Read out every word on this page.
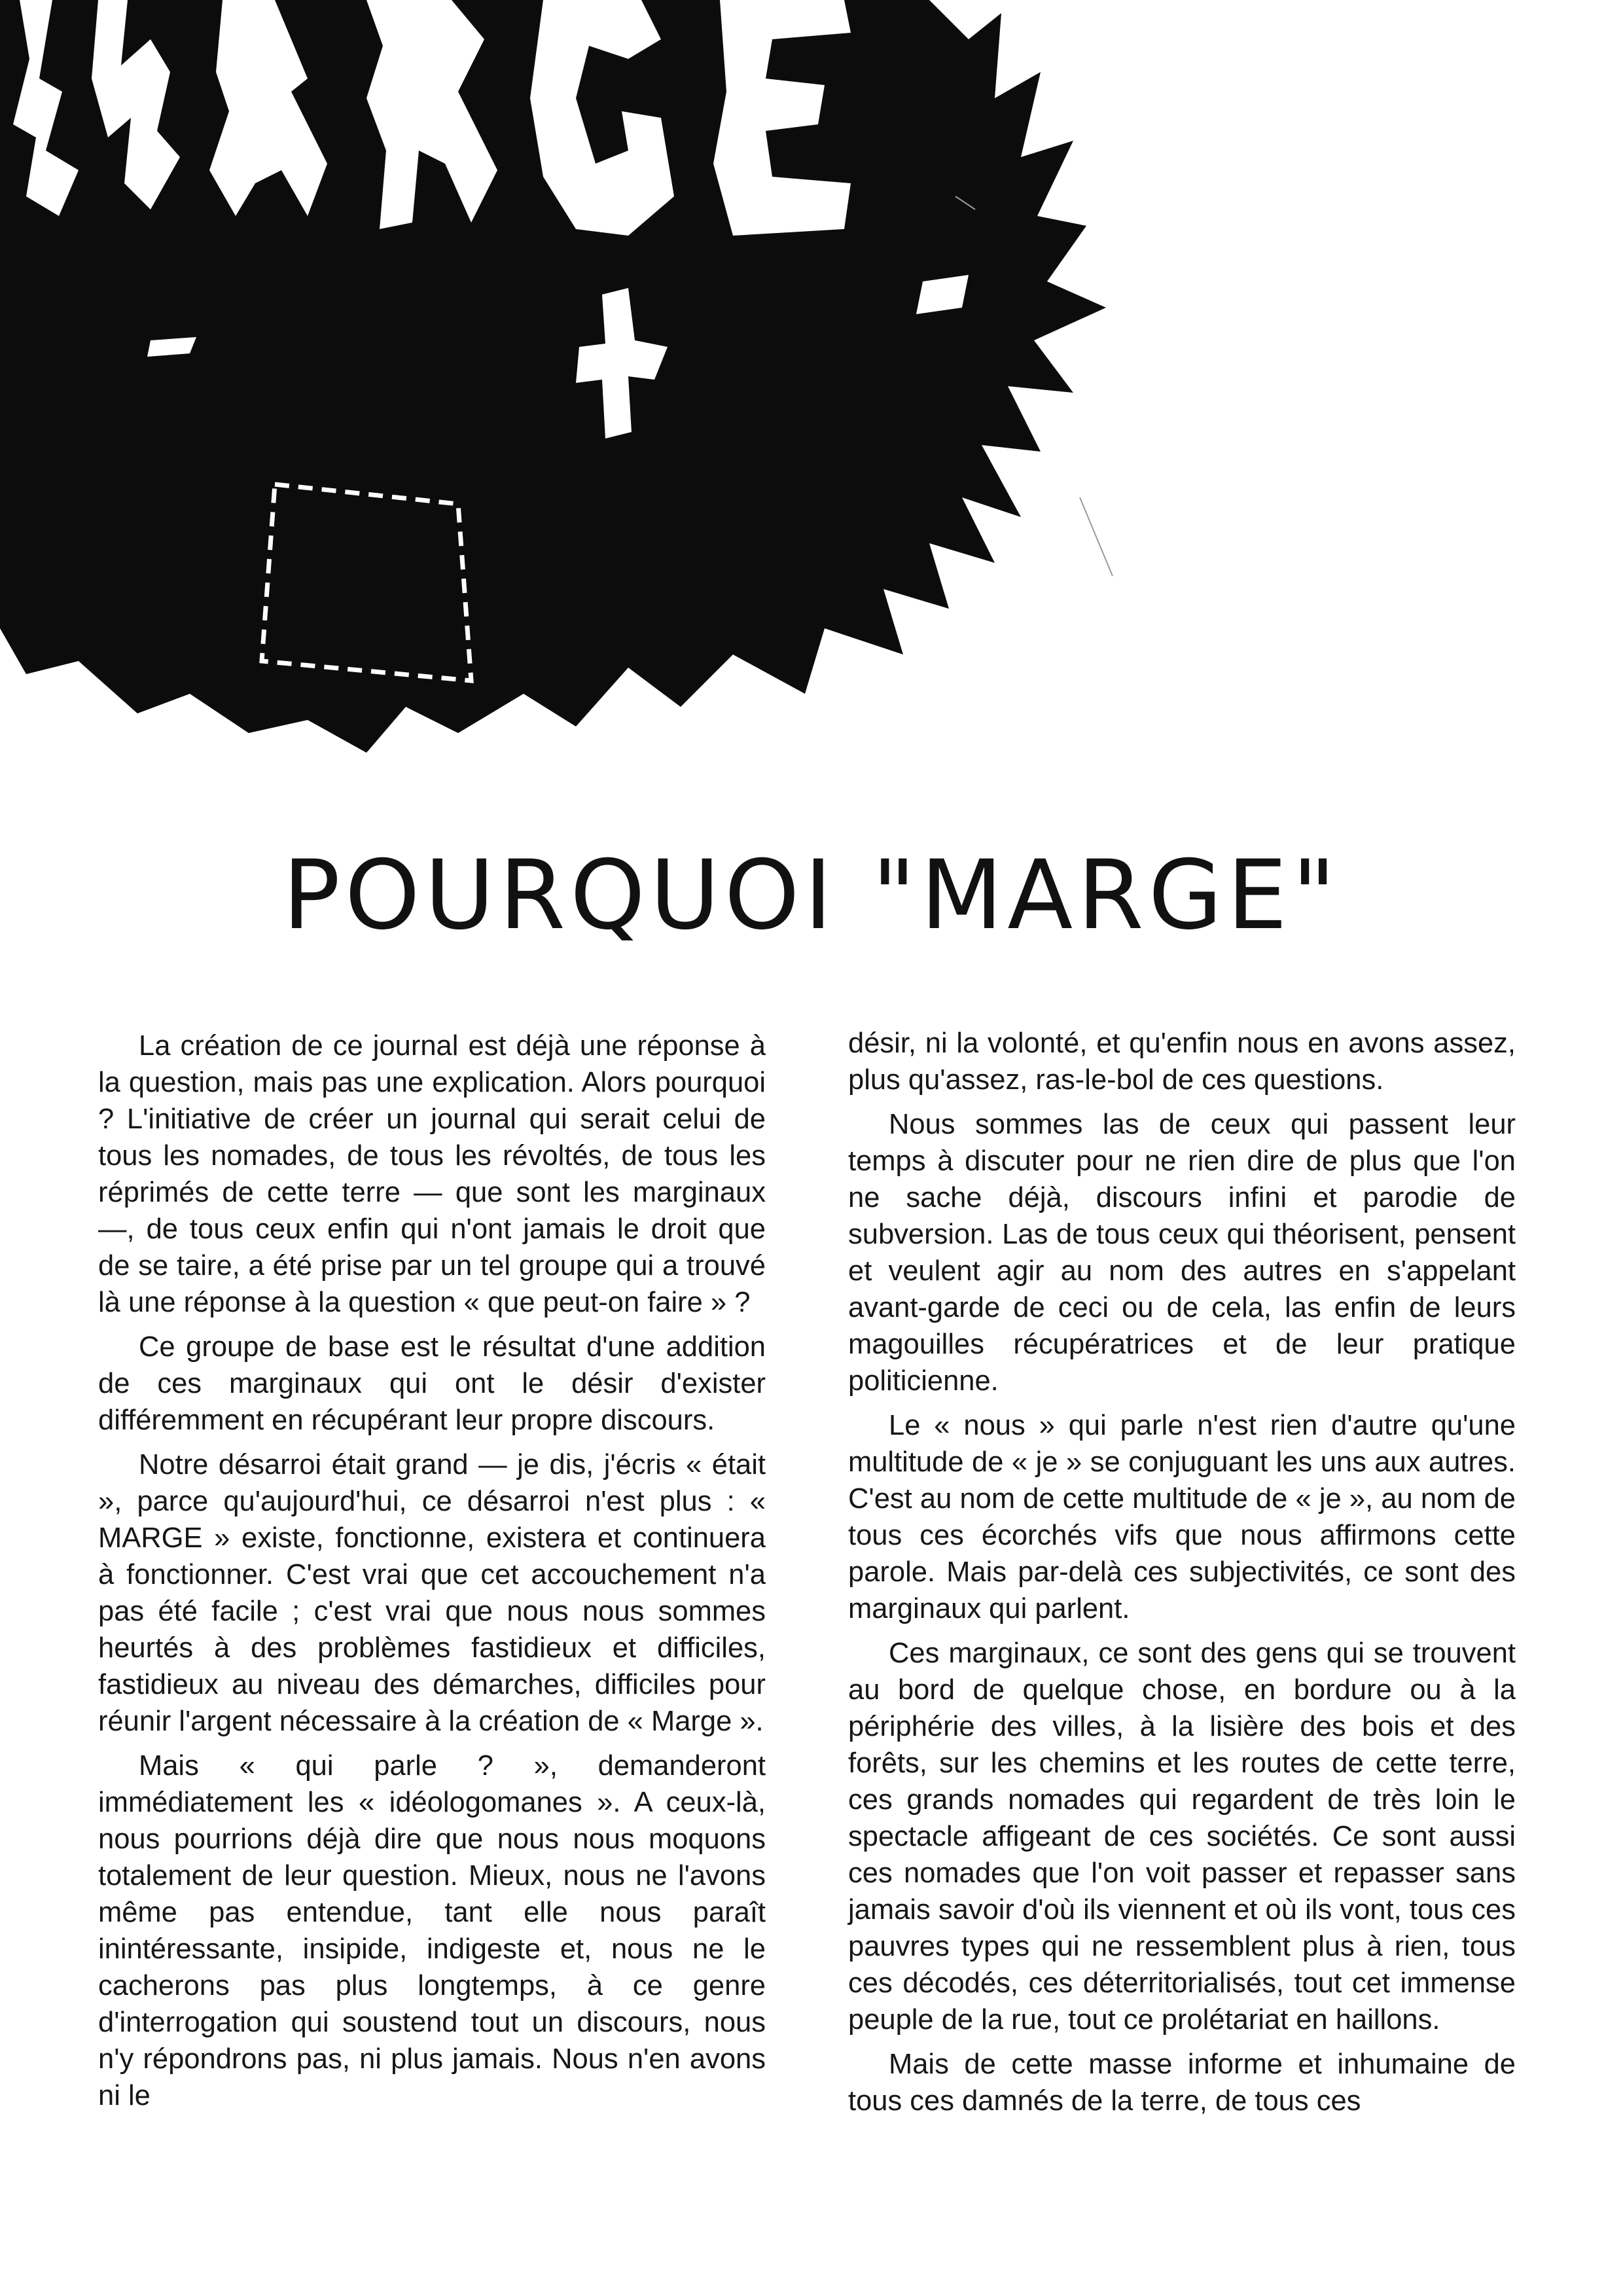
POURQUOI "MARGE"

La création de ce journal est déjà une réponse à la question, mais pas une explication. Alors pourquoi ? L'initiative de créer un journal qui serait celui de tous les nomades, de tous les révoltés, de tous les réprimés de cette terre — que sont les marginaux —, de tous ceux enfin qui n'ont jamais le droit que de se taire, a été prise par un tel groupe qui a trouvé là une réponse à la question « que peut-on faire » ?

Ce groupe de base est le résultat d'une addition de ces marginaux qui ont le désir d'exister différemment en récupérant leur propre discours.

Notre désarroi était grand — je dis, j'écris « était », parce qu'aujourd'hui, ce désarroi n'est plus : « MARGE » existe, fonctionne, existera et continuera à fonctionner. C'est vrai que cet accouchement n'a pas été facile ; c'est vrai que nous nous sommes heurtés à des problèmes fastidieux et difficiles, fastidieux au niveau des démarches, difficiles pour réunir l'argent nécessaire à la création de « Marge ».

Mais « qui parle ? », demanderont immédiatement les « idéologomanes ». A ceux-là, nous pourrions déjà dire que nous nous moquons totalement de leur question. Mieux, nous ne l'avons même pas entendue, tant elle nous paraît inintéressante, insipide, indigeste et, nous ne le cacherons pas plus longtemps, à ce genre d'interrogation qui soustend tout un discours, nous n'y répondrons pas, ni plus jamais. Nous n'en avons ni le

désir, ni la volonté, et qu'enfin nous en avons assez, plus qu'assez, ras-le-bol de ces questions.

Nous sommes las de ceux qui passent leur temps à discuter pour ne rien dire de plus que l'on ne sache déjà, discours infini et parodie de subversion. Las de tous ceux qui théorisent, pensent et veulent agir au nom des autres en s'appelant avant-garde de ceci ou de cela, las enfin de leurs magouilles récupératrices et de leur pratique politicienne.

Le « nous » qui parle n'est rien d'autre qu'une multitude de « je » se conjuguant les uns aux autres. C'est au nom de cette multitude de « je », au nom de tous ces écorchés vifs que nous affirmons cette parole. Mais par-delà ces subjectivités, ce sont des marginaux qui parlent.

Ces marginaux, ce sont des gens qui se trouvent au bord de quelque chose, en bordure ou à la périphérie des villes, à la lisière des bois et des forêts, sur les chemins et les routes de cette terre, ces grands nomades qui regardent de très loin le spectacle affigeant de ces sociétés. Ce sont aussi ces nomades que l'on voit passer et repasser sans jamais savoir d'où ils viennent et où ils vont, tous ces pauvres types qui ne ressemblent plus à rien, tous ces décodés, ces déterritorialisés, tout cet immense peuple de la rue, tout ce prolétariat en haillons.

Mais de cette masse informe et inhumaine de tous ces damnés de la terre, de tous ces
